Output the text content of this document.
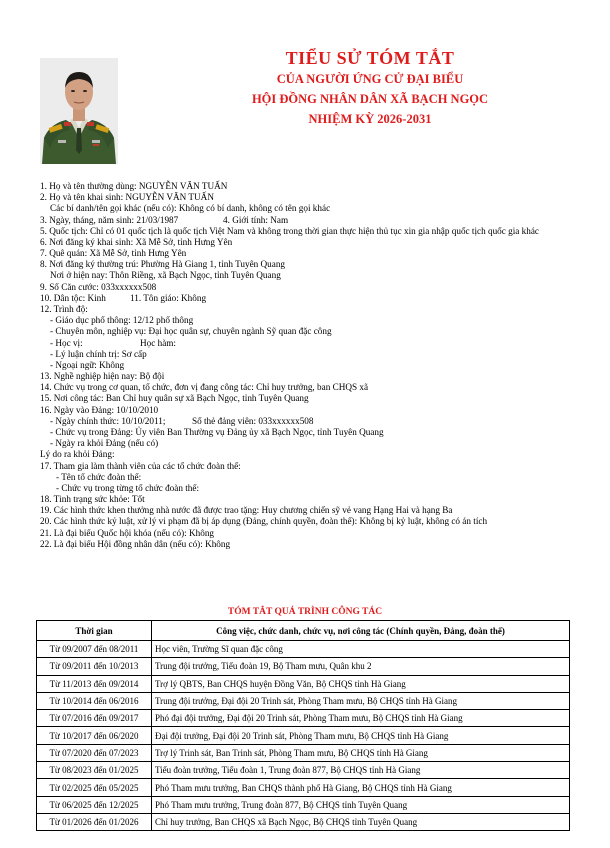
TIỂU SỬ TÓM TẮT
CỦA NGƯỜI ỨNG CỬ ĐẠI BIỂU
HỘI ĐỒNG NHÂN DÂN XÃ BẠCH NGỌC
NHIỆM KỲ 2026-2031
1. Họ và tên thường dùng: NGUYỄN VĂN TUẤN
2. Họ và tên khai sinh: NGUYỄN VĂN TUẤN
Các bí danh/tên gọi khác (nếu có): Không có bí danh, không có tên gọi khác
3. Ngày, tháng, năm sinh: 21/03/1987	4. Giới tính: Nam
5. Quốc tịch: Chỉ có 01 quốc tịch là quốc tịch Việt Nam và không trong thời gian thực hiện thủ tục xin gia nhập quốc tịch quốc gia khác
6. Nơi đăng ký khai sinh: Xã Mễ Sở, tỉnh Hưng Yên
7. Quê quán: Xã Mễ Sở, tỉnh Hưng Yên
8. Nơi đăng ký thường trú: Phường Hà Giang 1, tỉnh Tuyên Quang
Nơi ở hiện nay: Thôn Riềng, xã Bạch Ngọc, tỉnh Tuyên Quang
9. Số Căn cước: 033xxxxxx508
10. Dân tộc: Kinh	11. Tôn giáo: Không
12. Trình độ:
- Giáo dục phổ thông: 12/12 phổ thông
- Chuyên môn, nghiệp vụ: Đại học quân sự, chuyên ngành Sỹ quan đặc công
- Học vị:	Học hàm:
- Lý luận chính trị: Sơ cấp
- Ngoại ngữ: Không
13. Nghề nghiệp hiện nay: Bộ đội
14. Chức vụ trong cơ quan, tổ chức, đơn vị đang công tác: Chỉ huy trưởng, ban CHQS xã
15. Nơi công tác: Ban Chỉ huy quân sự xã Bạch Ngọc, tỉnh Tuyên Quang
16. Ngày vào Đảng: 10/10/2010
- Ngày chính thức: 10/10/2011;	Số thẻ đảng viên: 033xxxxxx508
- Chức vụ trong Đảng: Ủy viên Ban Thường vụ Đảng ủy xã Bạch Ngọc, tỉnh Tuyên Quang
- Ngày ra khỏi Đảng (nếu có)
Lý do ra khỏi Đảng:
17. Tham gia làm thành viên của các tổ chức đoàn thể:
- Tên tổ chức đoàn thể:
- Chức vụ trong từng tổ chức đoàn thể:
18. Tình trạng sức khỏe: Tốt
19. Các hình thức khen thưởng nhà nước đã được trao tặng: Huy chương chiến sỹ vẻ vang Hạng Hai và hạng Ba
20. Các hình thức kỷ luật, xử lý vi phạm đã bị áp dụng (Đảng, chính quyền, đoàn thể): Không bị kỷ luật, không có án tích
21. Là đại biểu Quốc hội khóa (nếu có): Không
22. Là đại biểu Hội đồng nhân dân (nếu có): Không
TÓM TẮT QUÁ TRÌNH CÔNG TÁC
Thời gian	Công việc, chức danh, chức vụ, nơi công tác (Chính quyền, Đảng, đoàn thể)
Từ 09/2007 đến 08/2011	Học viên, Trường Sĩ quan đặc công
Từ 09/2011 đến 10/2013	Trung đội trưởng, Tiểu đoàn 19, Bộ Tham mưu, Quân khu 2
Từ 11/2013 đến 09/2014	Trợ lý QBTS, Ban CHQS huyện Đồng Văn, Bộ CHQS tỉnh Hà Giang
Từ 10/2014 đến 06/2016	Trung đội trưởng, Đại đội 20 Trinh sát, Phòng Tham mưu, Bộ CHQS tỉnh Hà Giang
Từ 07/2016 đến 09/2017	Phó đại đội trưởng, Đại đội 20 Trinh sát, Phòng Tham mưu, Bộ CHQS tỉnh Hà Giang
Từ 10/2017 đến 06/2020	Đại đội trưởng, Đại đội 20 Trinh sát, Phòng Tham mưu, Bộ CHQS tỉnh Hà Giang
Từ 07/2020 đến 07/2023	Trợ lý Trinh sát, Ban Trinh sát, Phòng Tham mưu, Bộ CHQS tỉnh Hà Giang
Từ 08/2023 đến 01/2025	Tiểu đoàn trưởng, Tiểu đoàn 1, Trung đoàn 877, Bộ CHQS tỉnh Hà Giang
Từ 02/2025 đến 05/2025	Phó Tham mưu trưởng, Ban CHQS thành phố Hà Giang, Bộ CHQS tỉnh Hà Giang
Từ 06/2025 đến 12/2025	Phó Tham mưu trưởng, Trung đoàn 877, Bộ CHQS tỉnh Tuyên Quang
Từ 01/2026 đến 01/2026	Chỉ huy trưởng, Ban CHQS xã Bạch Ngọc, Bộ CHQS tỉnh Tuyên Quang
